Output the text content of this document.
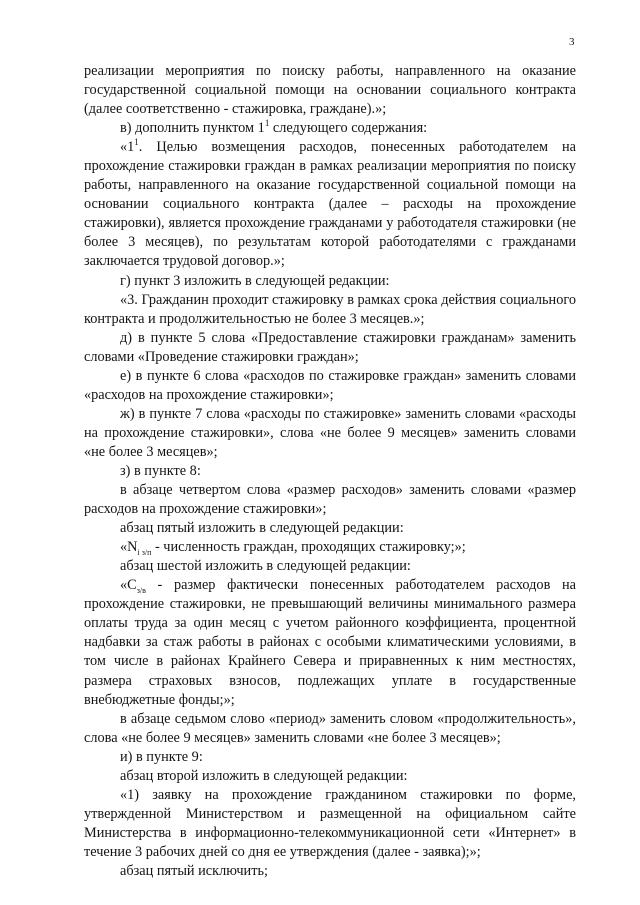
3

реализации мероприятия по поиску работы, направленного на оказание государственной социальной помощи на основании социального контракта (далее соответственно - стажировка, граждане).»;

в) дополнить пунктом $1^1$ следующего содержания:

«$1^1$. Целью возмещения расходов, понесенных работодателем на прохождение стажировки граждан в рамках реализации мероприятия по поиску работы, направленного на оказание государственной социальной помощи на основании социального контракта (далее – расходы на прохождение стажировки), является прохождение гражданами у работодателя стажировки (не более 3 месяцев), по результатам которой работодателями с гражданами заключается трудовой договор.»;

г) пункт 3 изложить в следующей редакции:

«3. Гражданин проходит стажировку в рамках срока действия социального контракта и продолжительностью не более 3 месяцев.»;

д) в пункте 5 слова «Предоставление стажировки гражданам» заменить словами «Проведение стажировки граждан»;

е) в пункте 6 слова «расходов по стажировке граждан» заменить словами «расходов на прохождение стажировки»;

ж) в пункте 7 слова «расходы по стажировке» заменить словами «расходы на прохождение стажировки», слова «не более 9 месяцев» заменить словами «не более 3 месяцев»;

з) в пункте 8:

в абзаце четвертом слова «размер расходов» заменить словами «размер расходов на прохождение стажировки»;

абзац пятый изложить в следующей редакции:

«$N_{i з/п}$ - численность граждан, проходящих стажировку;»;

абзац шестой изложить в следующей редакции:

«$C_{з/в}$ - размер фактически понесенных работодателем расходов на прохождение стажировки, не превышающий величины минимального размера оплаты труда за один месяц с учетом районного коэффициента, процентной надбавки за стаж работы в районах с особыми климатическими условиями, в том числе в районах Крайнего Севера и приравненных к ним местностях, размера страховых взносов, подлежащих уплате в государственные внебюджетные фонды;»;

в абзаце седьмом слово «период» заменить словом «продолжительность», слова «не более 9 месяцев» заменить словами «не более 3 месяцев»;

и) в пункте 9:

абзац второй изложить в следующей редакции:

«1) заявку на прохождение гражданином стажировки по форме, утвержденной Министерством и размещенной на официальном сайте Министерства в информационно-телекоммуникационной сети «Интернет» в течение 3 рабочих дней со дня ее утверждения (далее - заявка);»;

абзац пятый исключить;
